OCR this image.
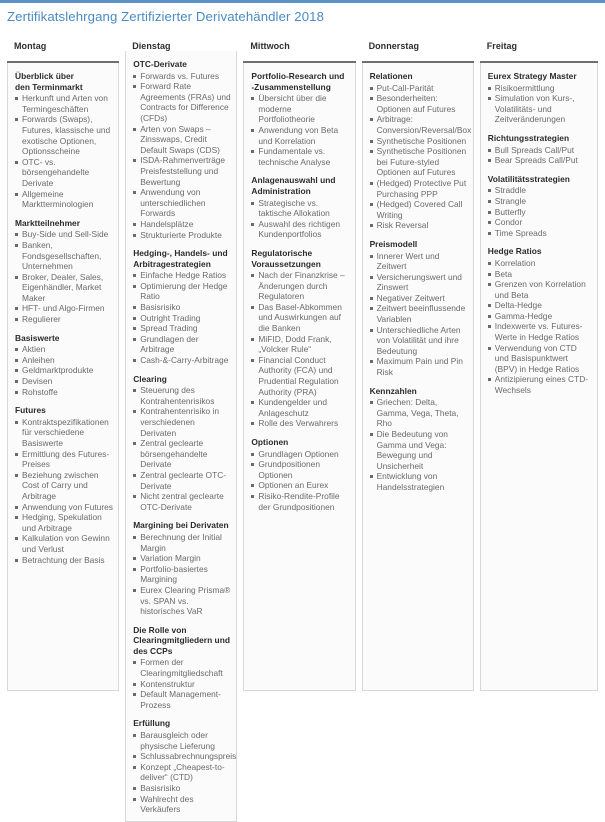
Zertifikatslehrgang Zertifizierter Derivatehändler 2018
Montag
Überblick über
den Terminmarkt
Herkunft und Arten von Termingeschäften
Forwards (Swaps), Futures, klassische und exotische Optionen, Optionsscheine
OTC- vs. börsengehandelte Derivate
Allgemeine Marktterminologien
Marktteilnehmer
Buy-Side und Sell-Side
Banken, Fondsgesellschaften, Unternehmen
Broker, Dealer, Sales, Eigenhändler, Market Maker
HFT- und Algo-Firmen
Regulierer
Basiswerte
Aktien
Anleihen
Geldmarktprodukte
Devisen
Rohstoffe
Futures
Kontraktspezifikationen für verschiedene Basiswerte
Ermittlung des Futures-Preises
Beziehung zwischen Cost of Carry und Arbitrage
Anwendung von Futures
Hedging, Spekulation und Arbitrage
Kalkulation von Gewinn und Verlust
Betrachtung der Basis
Dienstag
OTC-Derivate
Forwards vs. Futures
Forward Rate Agreements (FRAs) und Contracts for Difference (CFDs)
Arten von Swaps – Zinsswaps, Credit Default Swaps (CDS)
ISDA-Rahmenverträge Preisfeststellung und Bewertung
Anwendung von unterschiedlichen Forwards
Handelsplätze
Strukturierte Produkte
Hedging-, Handels- und Arbitragestrategien
Einfache Hedge Ratios
Optimierung der Hedge Ratio
Basisrisiko
Outright Trading
Spread Trading
Grundlagen der Arbitrage
Cash-&-Carry-Arbitrage
Clearing
Steuerung des Kontrahentenrisikos
Kontrahentenrisiko in verschiedenen Derivaten
Zentral geclearte börsengehandelte Derivate
Zentral geclearte OTC-Derivate
Nicht zentral geclearte OTC-Derivate
Margining bei Derivaten
Berechnung der Initial Margin
Variation Margin
Portfolio-basiertes Margining
Eurex Clearing Prisma® vs. SPAN vs. historisches VaR
Die Rolle von Clearingmitgliedern und des CCPs
Formen der Clearingmitgliedschaft
Kontenstruktur
Default Management-Prozess
Erfüllung
Barausgleich oder physische Lieferung
Schlussabrechnungspreis
Konzept „Cheapest-to-deliver“ (CTD)
Basisrisiko
Wahlrecht des Verkäufers
Mittwoch
Portfolio-Research und
-Zusammenstellung
Übersicht über die moderne Portfoliotheorie
Anwendung von Beta und Korrelation
Fundamentale vs. technische Analyse
Anlagenauswahl und Administration
Strategische vs. taktische Allokation
Auswahl des richtigen Kundenportfolios
Regulatorische Voraussetzungen
Nach der Finanzkrise – Änderungen durch Regulatoren
Das Basel-Abkommen und Auswirkungen auf die Banken
MiFID, Dodd Frank, „Volcker Rule“
Financial Conduct Authority (FCA) und Prudential Regulation Authority (PRA)
Kundengelder und Anlageschutz
Rolle des Verwahrers
Optionen
Grundlagen Optionen
Grundpositionen Optionen
Optionen an Eurex
Risiko-Rendite-Profile der Grundpositionen
Donnerstag
Relationen
Put-Call-Parität
Besonderheiten: Optionen auf Futures
Arbitrage: Conversion/Reversal/Box
Synthetische Positionen
Synthetische Positionen bei Future-styled Optionen auf Futures
(Hedged) Protective Put Purchasing PPP
(Hedged) Covered Call Writing
Risk Reversal
Preismodell
Innerer Wert und Zeitwert
Versicherungswert und Zinswert
Negativer Zeitwert
Zeitwert beeinflussende Variablen
Unterschiedliche Arten von Volatilität und ihre Bedeutung
Maximum Pain und Pin Risk
Kennzahlen
Griechen: Delta, Gamma, Vega, Theta, Rho
Die Bedeutung von Gamma und Vega: Bewegung und Unsicherheit
Entwicklung von Handelsstrategien
Freitag
Eurex Strategy Master
Risikoermittlung
Simulation von Kurs-, Volatilitäts- und Zeitveränderungen
Richtungsstrategien
Bull Spreads Call/Put
Bear Spreads Call/Put
Volatilitätsstrategien
Straddle
Strangle
Butterfly
Condor
Time Spreads
Hedge Ratios
Korrelation
Beta
Grenzen von Korrelation und Beta
Delta-Hedge
Gamma-Hedge
Indexwerte vs. Futures-Werte in Hedge Ratios
Verwendung von CTD und Basispunktwert (BPV) in Hedge Ratios
Antizipierung eines CTD-Wechsels
